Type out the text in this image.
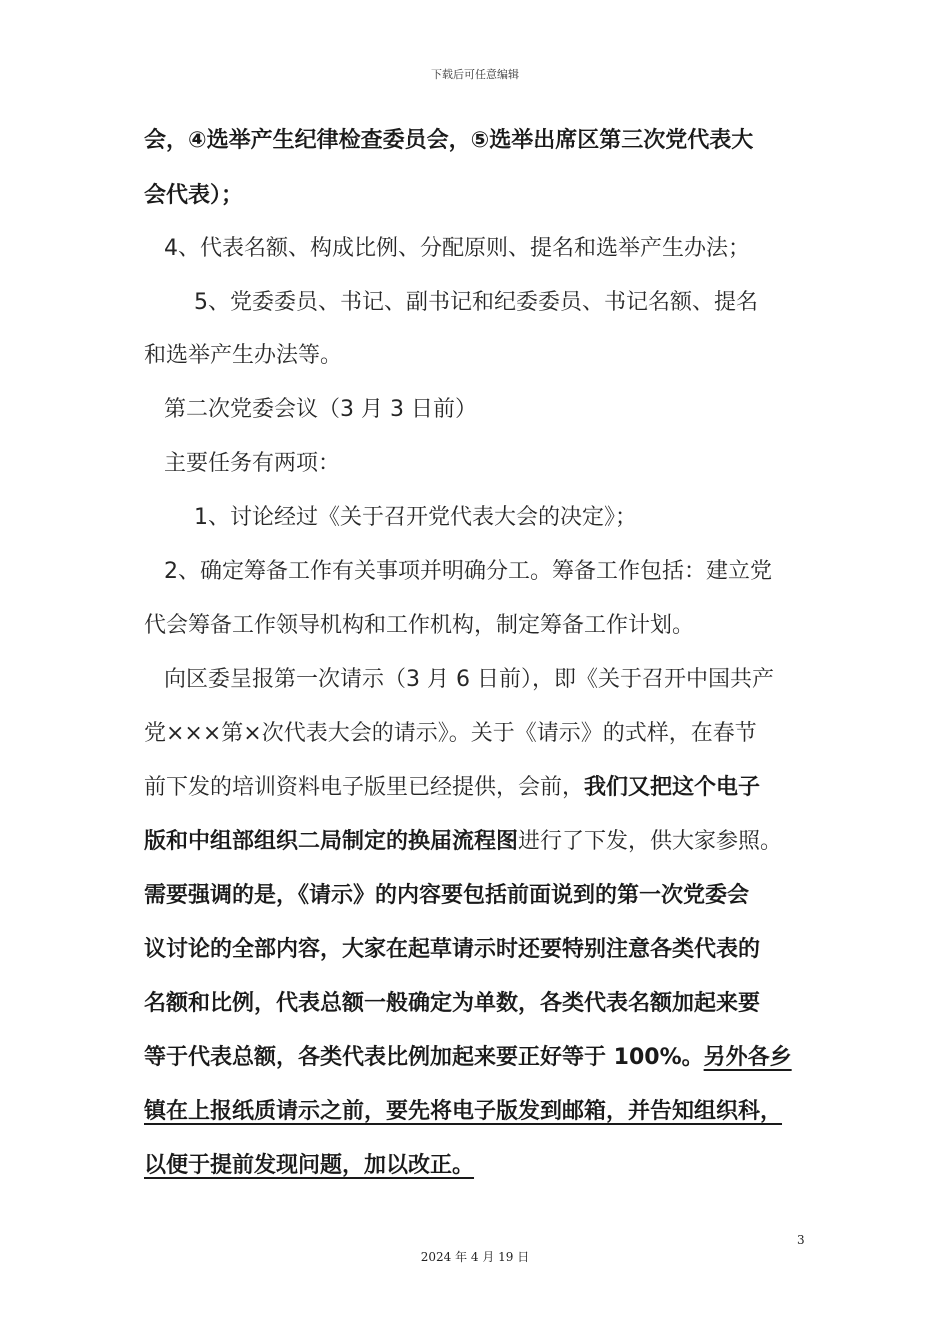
下载后可任意编辑
会，④选举产生纪律检查委员会，⑤选举出席区第三次党代表大
会代表）；
4、代表名额、构成比例、分配原则、提名和选举产生办法；
5、党委委员、书记、副书记和纪委委员、书记名额、提名
和选举产生办法等。
第二次党委会议（3 月 3 日前）
主要任务有两项：
1、讨论经过《关于召开党代表大会的决定》；
2、确定筹备工作有关事项并明确分工。筹备工作包括：建立党
代会筹备工作领导机构和工作机构，制定筹备工作计划。
向区委呈报第一次请示（3 月 6 日前），即《关于召开中国共产
党×××第×次代表大会的请示》。关于《请示》的式样，在春节
前下发的培训资料电子版里已经提供，会前，我们又把这个电子
版和中组部组织二局制定的换届流程图进行了下发，供大家参照。
需要强调的是，《请示》的内容要包括前面说到的第一次党委会
议讨论的全部内容，大家在起草请示时还要特别注意各类代表的
名额和比例，代表总额一般确定为单数，各类代表名额加起来要
等于代表总额，各类代表比例加起来要正好等于 100%。另外各乡
镇在上报纸质请示之前，要先将电子版发到邮箱，并告知组织科，
以便于提前发现问题，加以改正。
3
2024 年 4 月 19 日
